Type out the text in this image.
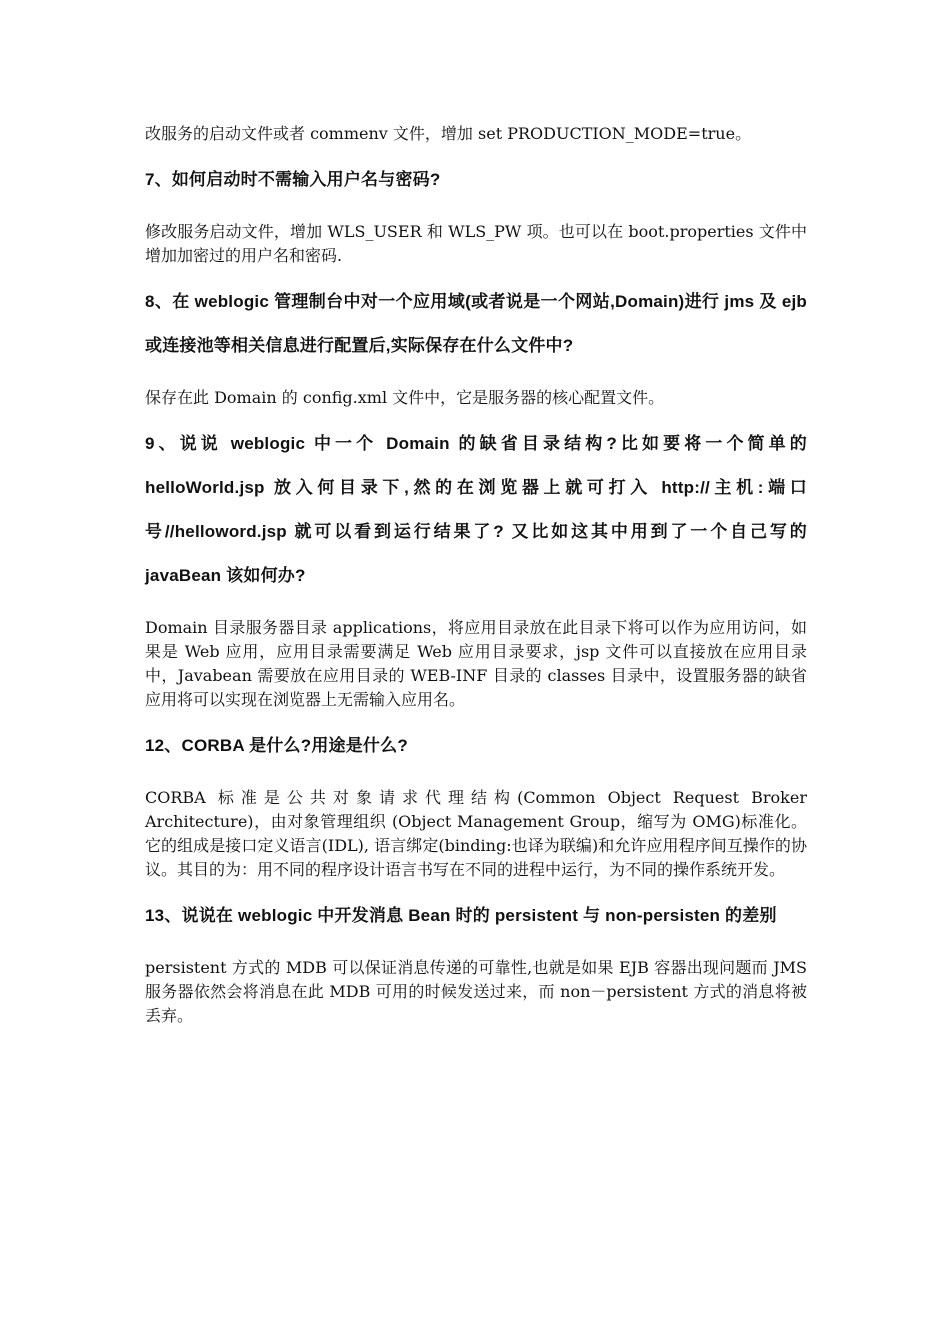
改服务的启动文件或者 commenv 文件，增加 set PRODUCTION_MODE=true。

7、如何启动时不需输入用户名与密码?

修改服务启动文件，增加 WLS_USER 和 WLS_PW 项。也可以在 boot.properties 文件中增加加密过的用户名和密码.

8、在 weblogic 管理制台中对一个应用域(或者说是一个网站,Domain)进行 jms 及 ejb 或连接池等相关信息进行配置后,实际保存在什么文件中?

保存在此 Domain 的 config.xml 文件中，它是服务器的核心配置文件。

9、说说 weblogic 中一个 Domain 的缺省目录结构?比如要将一个简单的 helloWorld.jsp 放入何目录下,然的在浏览器上就可打入 http://主机:端口号//helloword.jsp 就可以看到运行结果了? 又比如这其中用到了一个自己写的 javaBean 该如何办?

Domain 目录服务器目录 applications，将应用目录放在此目录下将可以作为应用访问，如果是 Web 应用，应用目录需要满足 Web 应用目录要求，jsp 文件可以直接放在应用目录中，Javabean 需要放在应用目录的 WEB-INF 目录的 classes 目录中，设置服务器的缺省应用将可以实现在浏览器上无需输入应用名。

12、CORBA 是什么?用途是什么?

CORBA 标准是公共对象请求代理结构(Common Object Request Broker Architecture)，由对象管理组织 (Object Management Group，缩写为 OMG)标准化。它的组成是接口定义语言(IDL), 语言绑定(binding:也译为联编)和允许应用程序间互操作的协议。其目的为：用不同的程序设计语言书写在不同的进程中运行，为不同的操作系统开发。

13、说说在 weblogic 中开发消息 Bean 时的 persistent 与 non-persisten 的差别

persistent 方式的 MDB 可以保证消息传递的可靠性,也就是如果 EJB 容器出现问题而 JMS 服务器依然会将消息在此 MDB 可用的时候发送过来，而 non－persistent 方式的消息将被丢弃。
